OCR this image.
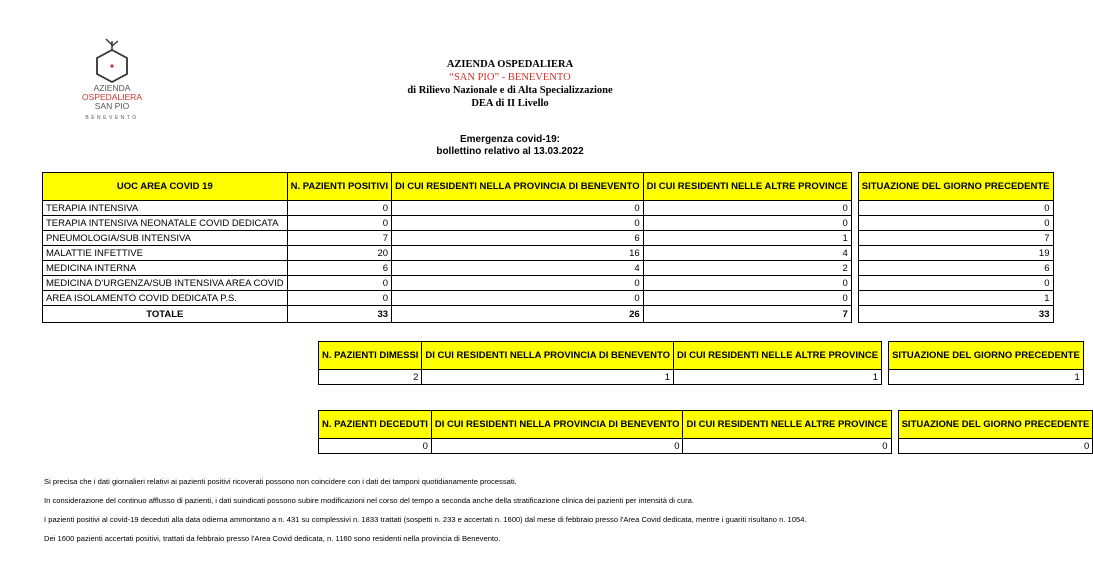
AZIENDA
OSPEDALIERA
SAN PIO
BENEVENTO
AZIENDA OSPEDALIERA
“SAN PIO” - BENEVENTO
di Rilievo Nazionale e di Alta Specializzazione
DEA di II Livello
Emergenza covid-19:
bollettino relativo al 13.03.2022
UOC AREA COVID 19	N. PAZIENTI POSITIVI	DI CUI RESIDENTI NELLA PROVINCIA DI BENEVENTO	DI CUI RESIDENTI NELLE ALTRE PROVINCE		SITUAZIONE DEL GIORNO PRECEDENTE
TERAPIA INTENSIVA	0	0	0		0
TERAPIA INTENSIVA NEONATALE COVID DEDICATA	0	0	0		0
PNEUMOLOGIA/SUB INTENSIVA	7	6	1		7
MALATTIE INFETTIVE	20	16	4		19
MEDICINA INTERNA	6	4	2		6
MEDICINA D'URGENZA/SUB INTENSIVA AREA COVID	0	0	0		0
AREA ISOLAMENTO COVID DEDICATA P.S.	0	0	0		1
TOTALE	33	26	7		33
N. PAZIENTI DIMESSI	DI CUI RESIDENTI NELLA PROVINCIA DI BENEVENTO	DI CUI RESIDENTI NELLE ALTRE PROVINCE		SITUAZIONE DEL GIORNO PRECEDENTE
2	1	1		1
N. PAZIENTI DECEDUTI	DI CUI RESIDENTI NELLA PROVINCIA DI BENEVENTO	DI CUI RESIDENTI NELLE ALTRE PROVINCE		SITUAZIONE DEL GIORNO PRECEDENTE
0	0	0		0

Si precisa che i dati giornalieri relativi ai pazienti positivi ricoverati possono non coincidere con i dati dei tamponi quotidianamente processati.

In considerazione del continuo afflusso di pazienti, i dati suindicati possono subire modificazioni nel corso del tempo a seconda anche della stratificazione clinica dei pazienti per intensità di cura.

I pazienti positivi al covid-19 deceduti alla data odierna ammontano a n. 431 su complessivi n. 1833 trattati (sospetti n. 233 e accertati n. 1600) dal mese di febbraio presso l'Area Covid dedicata, mentre i guariti risultano n. 1054.

Dei 1600 pazienti accertati positivi, trattati da febbraio presso l'Area Covid dedicata, n. 1160 sono residenti nella provincia di Benevento.
